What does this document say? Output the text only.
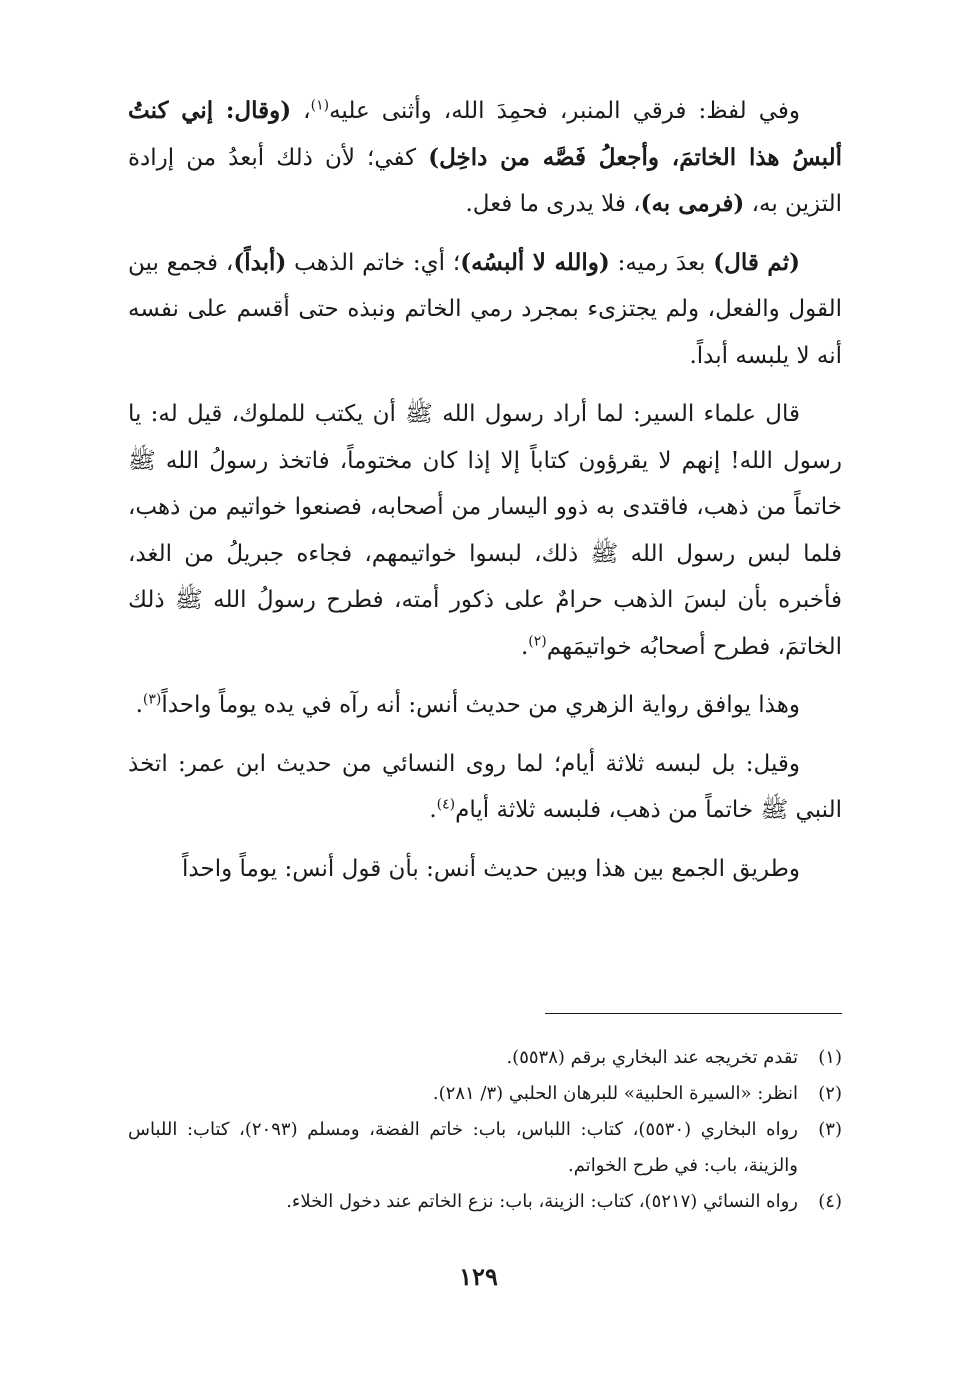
وفي لفظ: فرقي المنبر، فحمِدَ الله، وأثنى عليه$^{(١)}$، (وقال: إني كنتُ ألبسُ هذا الخاتمَ، وأجعلُ فَصَّه من داخِل) كفي؛ لأن ذلك أبعدُ من إرادة التزين به، (فرمى به)، فلا يدرى ما فعل.

(ثم قال) بعدَ رميه: (والله لا ألبسُه)؛ أي: خاتم الذهب (أبداً)، فجمع بين القول والفعل، ولم يجتزىء بمجرد رمي الخاتم ونبذه حتى أقسم على نفسه أنه لا يلبسه أبداً.

قال علماء السير: لما أراد رسول الله ﷺ أن يكتب للملوك، قيل له: يا رسول الله! إنهم لا يقرؤون كتاباً إلا إذا كان مختوماً، فاتخذ رسولُ الله ﷺ خاتماً من ذهب، فاقتدى به ذوو اليسار من أصحابه، فصنعوا خواتيم من ذهب، فلما لبس رسول الله ﷺ ذلك، لبسوا خواتيمهم، فجاءه جبريلُ من الغد، فأخبره بأن لبسَ الذهب حرامٌ على ذكور أمته، فطرح رسولُ الله ﷺ ذلك الخاتمَ، فطرح أصحابُه خواتيمَهم$^{(٢)}$.

وهذا يوافق رواية الزهري من حديث أنس: أنه رآه في يده يوماً واحداً$^{(٣)}$.

وقيل: بل لبسه ثلاثة أيام؛ لما روى النسائي من حديث ابن عمر: اتخذ النبي ﷺ خاتماً من ذهب، فلبسه ثلاثة أيام$^{(٤)}$.

وطريق الجمع بين هذا وبين حديث أنس: بأن قول أنس: يوماً واحداً

(١)
تقدم تخريجه عند البخاري برقم (٥٥٣٨).
(٢)
انظر: «السيرة الحلبية» للبرهان الحلبي (٣/ ٢٨١).
(٣)
رواه البخاري (٥٥٣٠)، كتاب: اللباس، باب: خاتم الفضة، ومسلم (٢٠٩٣)، كتاب: اللباس والزينة، باب: في طرح الخواتم.
(٤)
رواه النسائي (٥٢١٧)، كتاب: الزينة، باب: نزع الخاتم عند دخول الخلاء.
١٢٩
